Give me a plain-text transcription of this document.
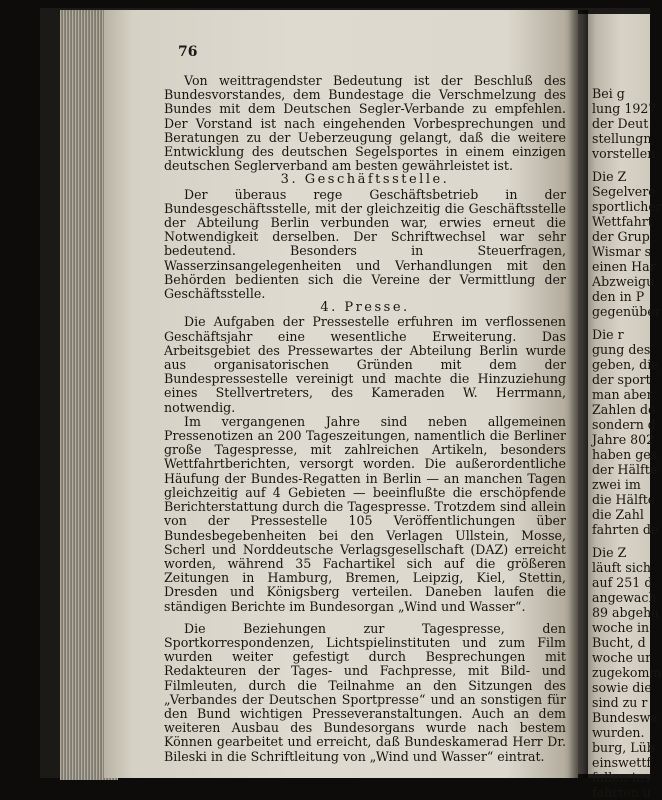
76

Von weittragendster Bedeutung ist der Beschluß des Bundesvorstandes, dem Bundestage die Verschmelzung des Bundes mit dem Deutschen Segler-Verbande zu empfehlen. Der Vorstand ist nach eingehenden Vorbesprechungen und Beratungen zu der Ueberzeugung gelangt, daß die weitere Entwicklung des deutschen Segelsportes in einem einzigen deutschen Seglerverband am besten gewährleistet ist.

3. Geschäftsstelle.

Der überaus rege Geschäftsbetrieb in der Bundesgeschäftsstelle, mit der gleichzeitig die Geschäftsstelle der Abteilung Berlin verbunden war, erwies erneut die Notwendigkeit derselben. Der Schriftwechsel war sehr bedeutend. Besonders in Steuerfragen, Wasserzinsangelegenheiten und Verhandlungen mit den Behörden bedienten sich die Vereine der Vermittlung der Geschäftsstelle.

4. Presse.

Die Aufgaben der Pressestelle erfuhren im verflossenen Geschäftsjahr eine wesentliche Erweiterung. Das Arbeitsgebiet des Pressewartes der Abteilung Berlin wurde aus organisatorischen Gründen mit dem der Bundespressestelle vereinigt und machte die Hinzuziehung eines Stellvertreters, des Kameraden W. Herrmann, notwendig.

Im vergangenen Jahre sind neben allgemeinen Pressenotizen an 200 Tageszeitungen, namentlich die Berliner große Tagespresse, mit zahlreichen Artikeln, besonders Wettfahrtberichten, versorgt worden. Die außerordentliche Häufung der Bundes-Regatten in Berlin — an manchen Tagen gleichzeitig auf 4 Gebieten — beeinflußte die erschöpfende Berichterstattung durch die Tagespresse. Trotzdem sind allein von der Pressestelle 105 Veröffentlichungen über Bundesbegebenheiten bei den Verlagen Ullstein, Mosse, Scherl und Norddeutsche Verlagsgesellschaft (DAZ) erreicht worden, während 35 Fachartikel sich auf die größeren Zeitungen in Hamburg, Bremen, Leipzig, Kiel, Stettin, Dresden und Königsberg verteilen. Daneben laufen die ständigen Berichte im Bundesorgan „Wind und Wasser“.

Die Beziehungen zur Tagespresse, den Sportkorrespondenzen, Lichtspielinstituten und zum Film wurden weiter gefestigt durch Besprechungen mit Redakteuren der Tages- und Fachpresse, mit Bild- und Filmleuten, durch die Teilnahme an den Sitzungen des „Verbandes der Deutschen Sportpresse“ und an sonstigen für den Bund wichtigen Presseveranstaltungen. Auch an dem weiteren Ausbau des Bundesorgans wurde nach bestem Können gearbeitet und erreicht, daß Bundeskamerad Herr Dr. Bileski in die Schriftleitung von „Wind und Wasser“ eintrat.

Bei g
lung 1927
der Deut
stellungn
vorstellen.
Die Z
Segelvere
sportlicher
Wettfahrt
der Grup
Wismar s
einen Har
Abzweigu
den in P
gegenüber
Die r
gung des
geben, die
der sport
man aber
Zahlen de
sondern d
Jahre 802
haben ges
der Hälfte
zwei im
die Hälfte
die Zahl
fahrten de
Die Z
läuft sich
auf 251 d
angewach
89 abgeha
woche in
Bucht, d
woche ur
zugekomm
sowie die
sind zu r
Bundeswa
wurden.
burg, Lüb
einswettf
fallen ins
fahrten u
